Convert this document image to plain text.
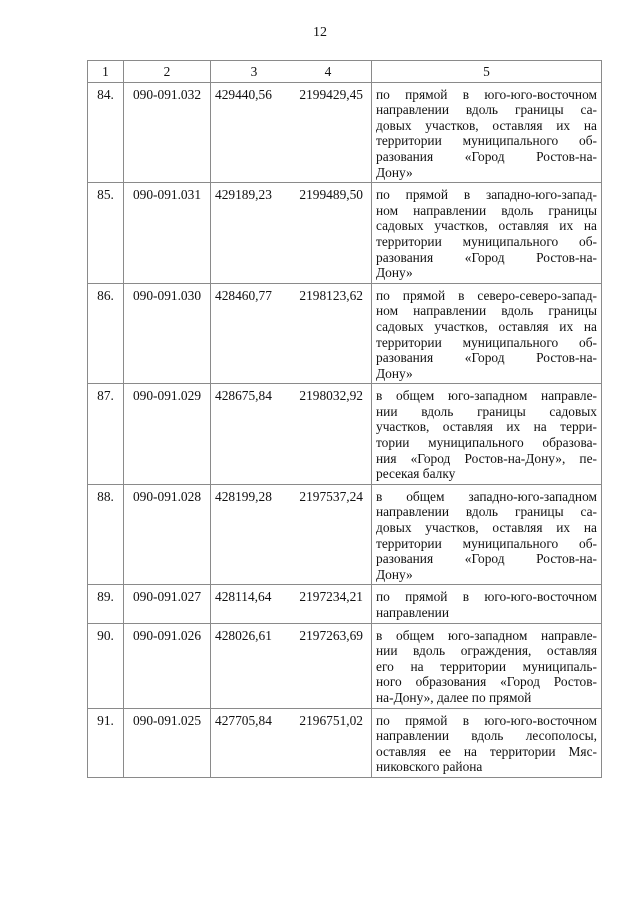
12
1	2	3 4	5
84.	090-091.032	429440,56 2199429,45	по прямой в юго-юго-восточном
направлении вдоль границы са-
довых участков, оставляя их на
территории муниципального об-
разования «Город Ростов-на-
Дону»

85.	090-091.031	429189,23 2199489,50	по прямой в западно-юго-запад-
ном направлении вдоль границы
садовых участков, оставляя их на
территории муниципального об-
разования «Город Ростов-на-
Дону»

86.	090-091.030	428460,77 2198123,62	по прямой в северо-северо-запад-
ном направлении вдоль границы
садовых участков, оставляя их на
территории муниципального об-
разования «Город Ростов-на-
Дону»

87.	090-091.029	428675,84 2198032,92	в общем юго-западном направле-
нии вдоль границы садовых
участков, оставляя их на терри-
тории муниципального образова-
ния «Город Ростов-на-Дону», пе-
ресекая балку

88.	090-091.028	428199,28 2197537,24	в общем западно-юго-западном
направлении вдоль границы са-
довых участков, оставляя их на
территории муниципального об-
разования «Город Ростов-на-
Дону»

89.	090-091.027	428114,64 2197234,21	по прямой в юго-юго-восточном
направлении

90.	090-091.026	428026,61 2197263,69	в общем юго-западном направле-
нии вдоль ограждения, оставляя
его на территории муниципаль-
ного образования «Город Ростов-
на-Дону», далее по прямой

91.	090-091.025	427705,84 2196751,02	по прямой в юго-юго-восточном
направлении вдоль лесополосы,
оставляя ее на территории Мяс-
никовского района
